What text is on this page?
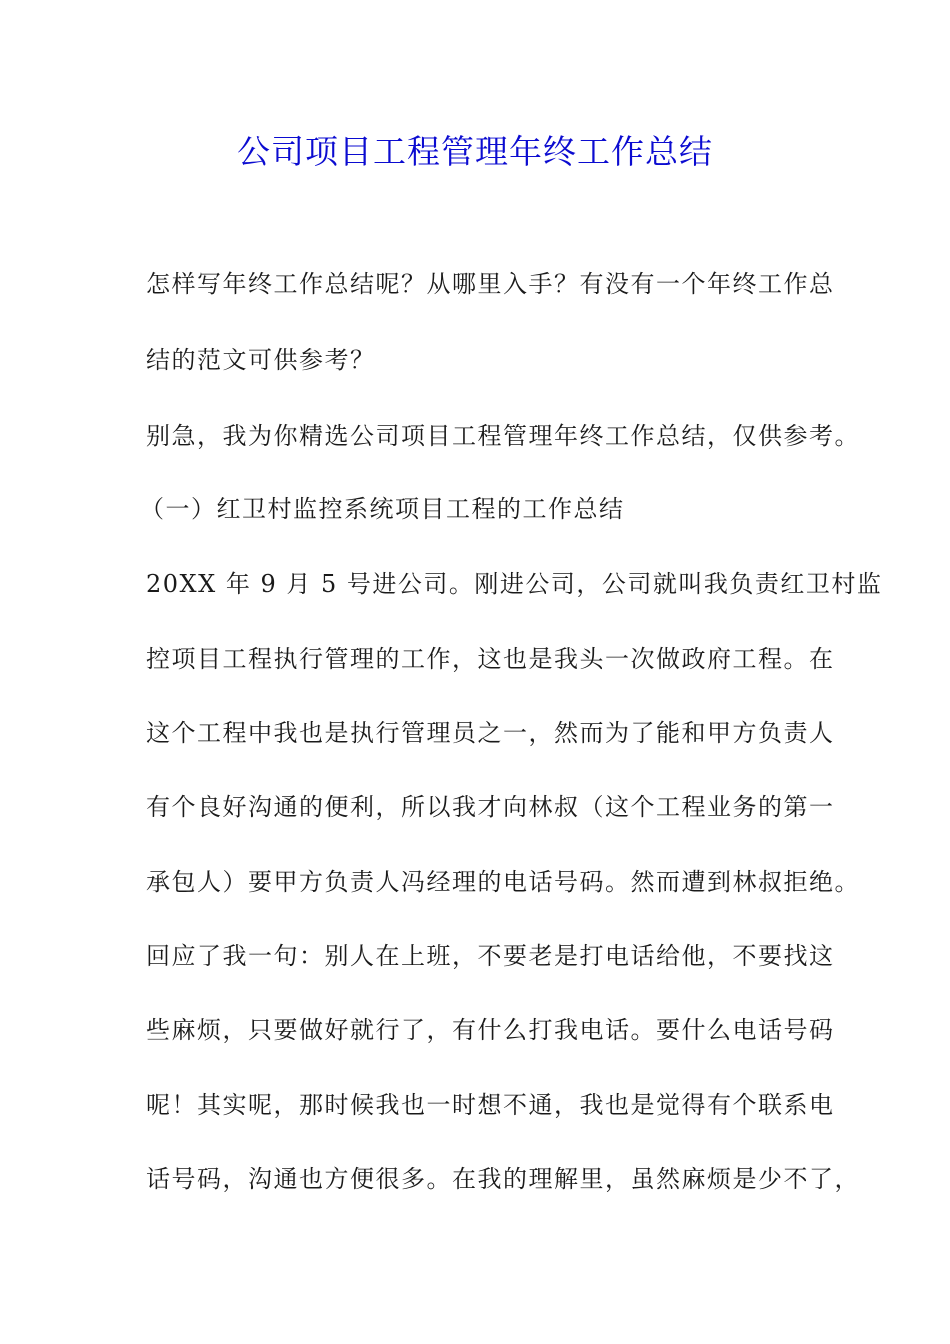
公司项目工程管理年终工作总结
怎样写年终工作总结呢？从哪里入手？有没有一个年终工作总
结的范文可供参考？
别急，我为你精选公司项目工程管理年终工作总结，仅供参考。
（一）红卫村监控系统项目工程的工作总结
20XX 年 9 月 5 号进公司。刚进公司，公司就叫我负责红卫村监
控项目工程执行管理的工作，这也是我头一次做政府工程。在
这个工程中我也是执行管理员之一，然而为了能和甲方负责人
有个良好沟通的便利，所以我才向林叔（这个工程业务的第一
承包人）要甲方负责人冯经理的电话号码。然而遭到林叔拒绝。
回应了我一句：别人在上班，不要老是打电话给他，不要找这
些麻烦，只要做好就行了，有什么打我电话。要什么电话号码
呢！其实呢，那时候我也一时想不通，我也是觉得有个联系电
话号码，沟通也方便很多。在我的理解里，虽然麻烦是少不了，
